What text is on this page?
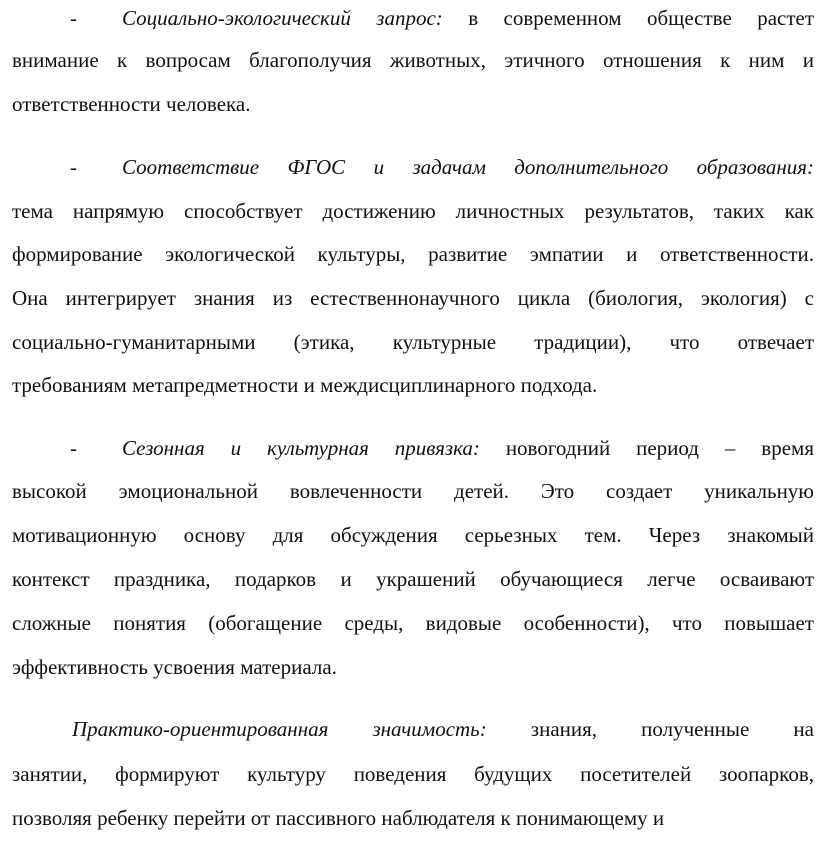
- Социально-экологический запрос: в современном обществе растет
внимание к вопросам благополучия животных, этичного отношения к ним и
ответственности человека.
- Соответствие ФГОС и задачам дополнительного образования:
тема напрямую способствует достижению личностных результатов, таких как
формирование экологической культуры, развитие эмпатии и ответственности.
Она интегрирует знания из естественнонаучного цикла (биология, экология) с
социально-гуманитарными (этика, культурные традиции), что отвечает
требованиям метапредметности и междисциплинарного подхода.
- Сезонная и культурная привязка: новогодний период – время
высокой эмоциональной вовлеченности детей. Это создает уникальную
мотивационную основу для обсуждения серьезных тем. Через знакомый
контекст праздника, подарков и украшений обучающиеся легче осваивают
сложные понятия (обогащение среды, видовые особенности), что повышает
эффективность усвоения материала.
Практико-ориентированная значимость: знания, полученные на
занятии, формируют культуру поведения будущих посетителей зоопарков,
позволяя ребенку перейти от пассивного наблюдателя к понимающему и
